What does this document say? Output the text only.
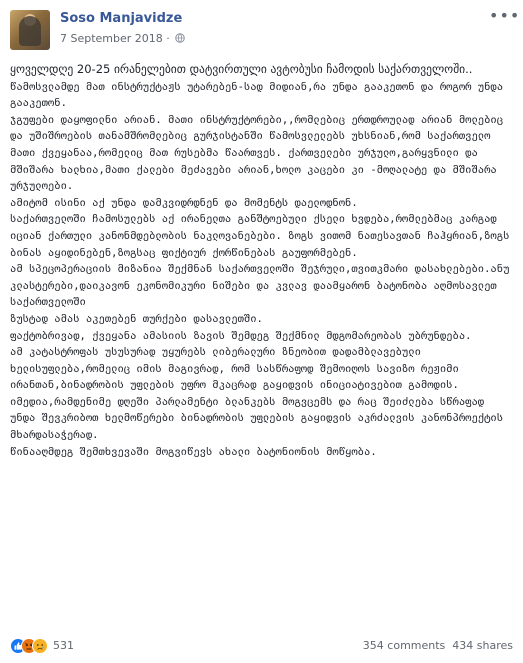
Soso Manjavidze
7 September 2018 ·
•••

ყოველდღე 20-25 ირანელებით დატვირთული ავტობუსი ჩამოდის საქართველოში..

წამოსვლამდე მათ ინსტრუქტაჟს უტარებენ-სად მიდიან,რა უნდა გააკეთონ და როგორ უნდა გააკეთონ.

ჯგუფები დაყოფილნი არიან. მათი ინსტრუქტორები,,რომლებიც ერთდროულად არიან მოლებიც და უშიშროების თანამშრომლებიც გურჯისტანში წამოსვლელებს უხსნიან,რომ საქართველო მათი ქვეყანაა,რომელიც მათ რუსებმა წაართვეს. ქართველები ურჯულო,გარყვნილი და მშიშარა ხალხია,მათი ქალები მეძავები არიან,ხოლო კაცები კი -მოღალატე და მშიშარა ურჯულოები.

ამიტომ ისინი აქ უნდა დამკვიდრდნენ და მომენტს დაელოდნონ.

საქართველოში ჩამოსულებს აქ ირანელთა განშტოებული ქსელი ხვდება,რომლებმაც კარგად იციან ქართული კანონმდებლობის ნაკლოვანებები. ზოგს ვითომ ნათესავთან ჩაჰყრიან,ზოგს ბინას აყიდინებენ,ზოგსაც ფიქტიურ ქორწინებას გაუფორმებენ.

ამ სპეცოპერაციის მიზანია შექმნან საქართველოში შეჯრული,თვითკმარი დასახლებები.ანუ კლასტერები,დაიკავონ ეკონომიკური ნიშები და კვლავ დაამყარონ ბატონობა აღმოსავლეთ საქართველოში

ზუსტად ამას აკეთებენ თურქები დასავლეთში.

ფაქტობრივად, ქვეყანა ამასიის ზავის შემდეგ შექმნილ მდგომარეობას უბრუნდება.

ამ კატასტროფას უსუსურად უყურებს ლიბერალური ზნეობით დადამბლავებული ხელისუფლება,რომელიც იმის მაგივრად, რომ სასწრაფოდ შემოიღოს სავიზო რეჟიმი ირანთან,ბინადრობის უფლების უფრო მკაცრად გაყიდვის ინიციატივებით გამოდის.

იმედია,რამდენიმე დღეში პარლამენტი ბლანკებს მოგვცემს და რაც შეიძლება სწრაფად უნდა შევკრიბოთ ხელმოწერები ბინადრობის უფლების გაყიდვის აკრძალვის კანონპროექტის მხარდასაჭერად.

წინააღმდეგ შემთხვევაში მოგვიწევს ახალი ბატონიონის მოწყობა.

531	354 comments 434 shares
